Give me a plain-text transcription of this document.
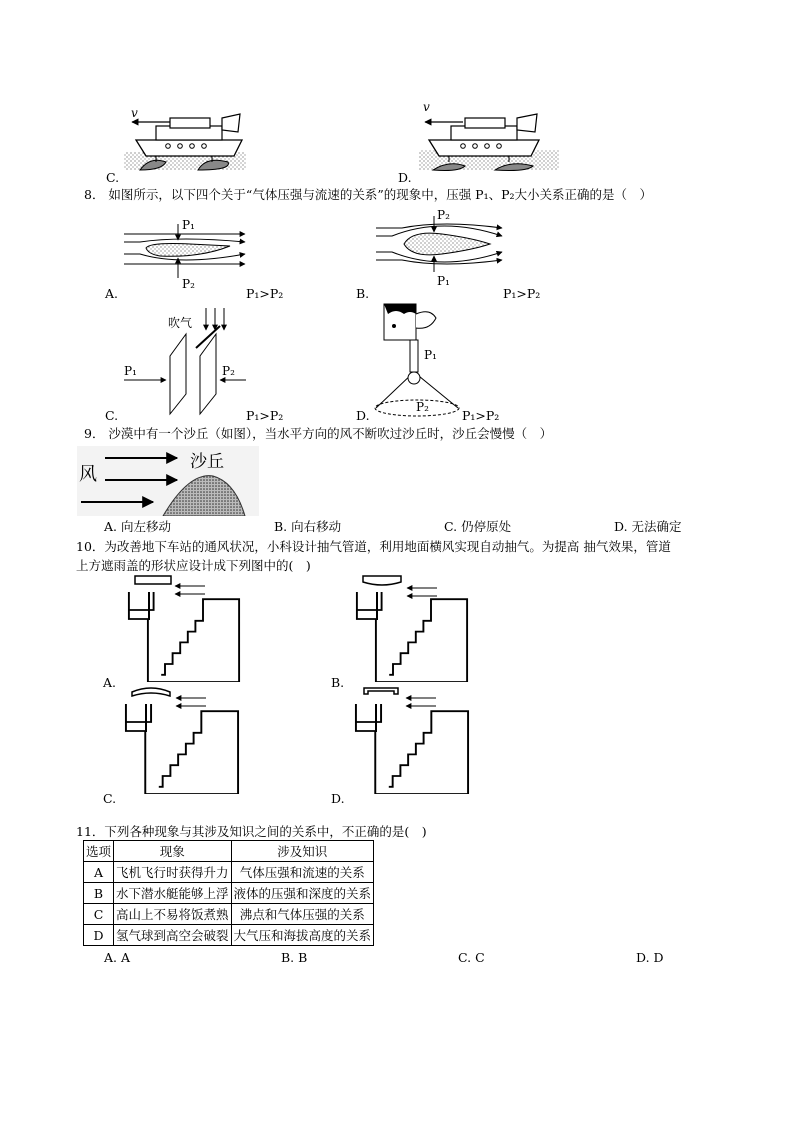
v
C.
v
D.
8． 如图所示，以下四个关于“气体压强与流速的关系”的现象中，压强 P₁、P₂大小关系正确的是（　）
P₁
P₂
A.	P₁>P₂
P₂
P₁
B.	P₁>P₂
吹气
P₁	P₂
C.	P₁>P₂
P₁
P₂
D.	P₁>P₂
9． 沙漠中有一个沙丘（如图），当水平方向的风不断吹过沙丘时，沙丘会慢慢（　）
风
沙丘
A. 向左移动	B. 向右移动	C. 仍停原处	D. 无法确定
10．为改善地下车站的通风状况，小科设计抽气管道，利用地面横风实现自动抽气。为提高 抽气效果，管道
上方遮雨盖的形状应设计成下列图中的(　)
A.	B.
C.	D.
11．下列各种现象与其涉及知识之间的关系中，不正确的是(　)
选项	现象	涉及知识
A	飞机飞行时获得升力	气体压强和流速的关系
B	水下潜水艇能够上浮	液体的压强和深度的关系
C	高山上不易将饭煮熟	沸点和气体压强的关系
D	氢气球到高空会破裂	大气压和海拔高度的关系
A. A	B. B	C. C	D. D
